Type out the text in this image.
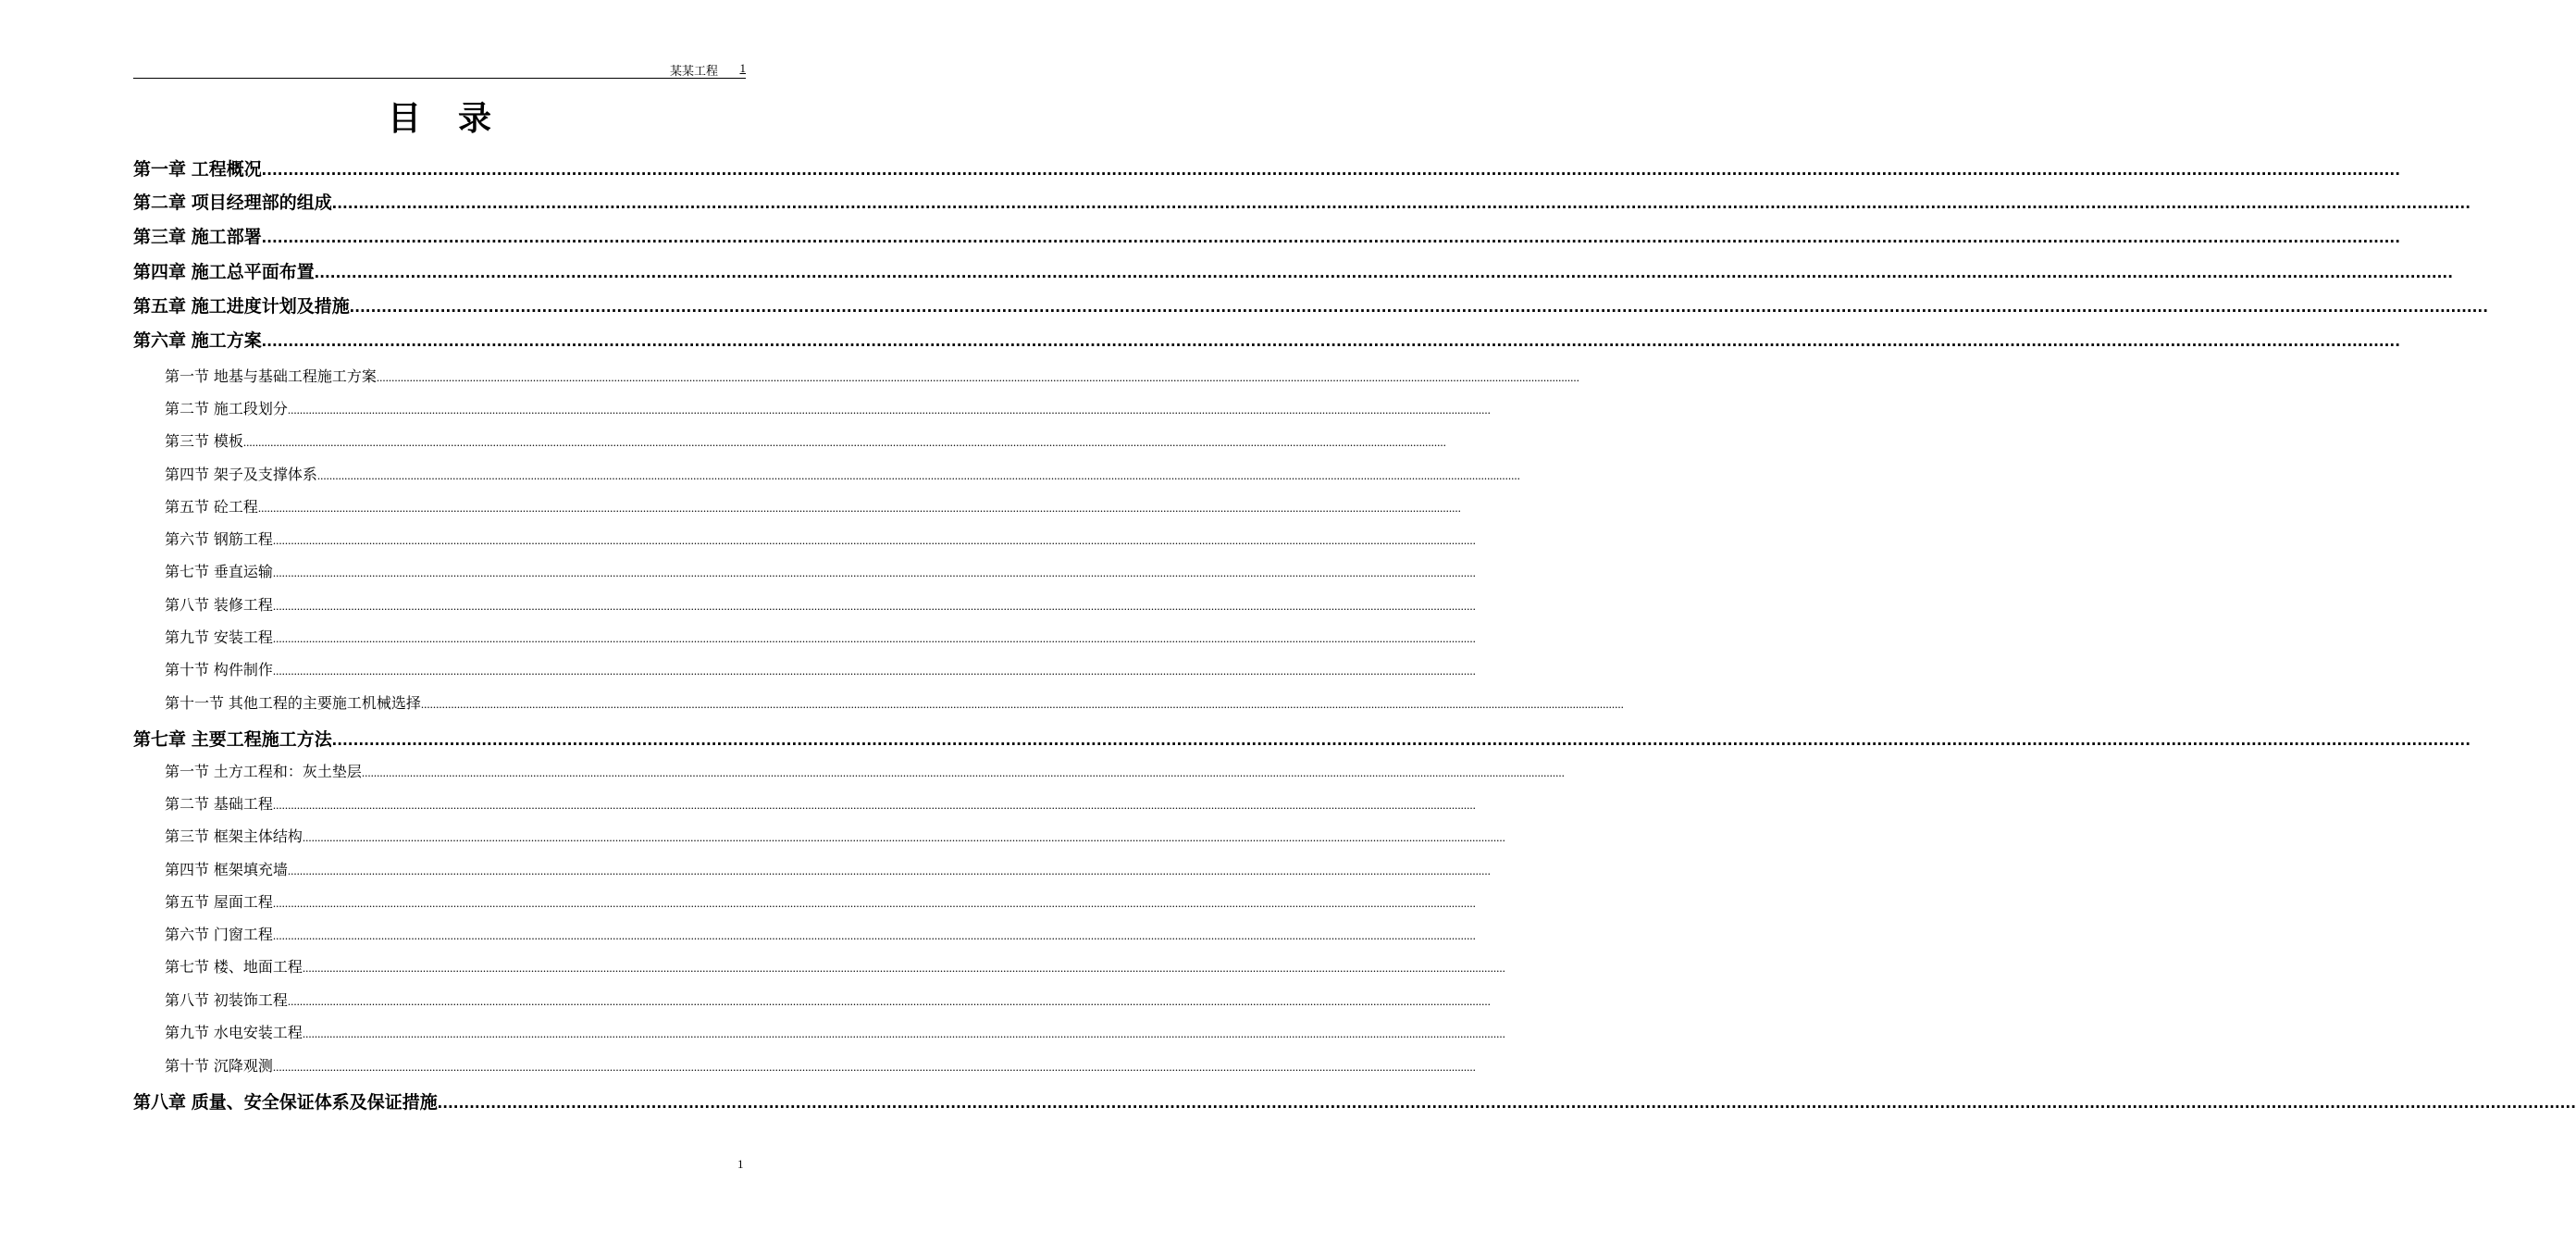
某某工程 1
目录
第一章 工程概况 ................................................................................................................................................................................................................................................................................................................................................................................................................
第二章 项目经理部的组成 ................................................................................................................................................................................................................................................................................................................................................................................................................
第三章 施工部署 ................................................................................................................................................................................................................................................................................................................................................................................................................
第四章 施工总平面布置 ................................................................................................................................................................................................................................................................................................................................................................................................................
第五章 施工进度计划及措施 ................................................................................................................................................................................................................................................................................................................................................................................................................
第六章 施工方案 ................................................................................................................................................................................................................................................................................................................................................................................................................
第一节 地基与基础工程施工方案 ................................................................................................................................................................................................................................................................................................................................................................................................................
第二节 施工段划分 ................................................................................................................................................................................................................................................................................................................................................................................................................
第三节 模板 ................................................................................................................................................................................................................................................................................................................................................................................................................
第四节 架子及支撑体系 ................................................................................................................................................................................................................................................................................................................................................................................................................
第五节 砼工程 ................................................................................................................................................................................................................................................................................................................................................................................................................
第六节 钢筋工程 ................................................................................................................................................................................................................................................................................................................................................................................................................
第七节 垂直运输 ................................................................................................................................................................................................................................................................................................................................................................................................................
第八节 装修工程 ................................................................................................................................................................................................................................................................................................................................................................................................................
第九节 安装工程 ................................................................................................................................................................................................................................................................................................................................................................................................................
第十节 构件制作 ................................................................................................................................................................................................................................................................................................................................................................................................................
第十一节 其他工程的主要施工机械选择 ................................................................................................................................................................................................................................................................................................................................................................................................................
第七章 主要工程施工方法 ................................................................................................................................................................................................................................................................................................................................................................................................................
第一节 土方工程和：灰土垫层 ................................................................................................................................................................................................................................................................................................................................................................................................................
第二节 基础工程 ................................................................................................................................................................................................................................................................................................................................................................................................................
第三节 框架主体结构 ................................................................................................................................................................................................................................................................................................................................................................................................................
第四节 框架填充墙 ................................................................................................................................................................................................................................................................................................................................................................................................................
第五节 屋面工程 ................................................................................................................................................................................................................................................................................................................................................................................................................
第六节 门窗工程 ................................................................................................................................................................................................................................................................................................................................................................................................................
第七节 楼、地面工程 ................................................................................................................................................................................................................................................................................................................................................................................................................
第八节 初装饰工程 ................................................................................................................................................................................................................................................................................................................................................................................................................
第九节 水电安装工程 ................................................................................................................................................................................................................................................................................................................................................................................................................
第十节 沉降观测 ................................................................................................................................................................................................................................................................................................................................................................................................................
第八章 质量、安全保证体系及保证措施 ................................................................................................................................................................................................................................................................................................................................................................................................................
1
